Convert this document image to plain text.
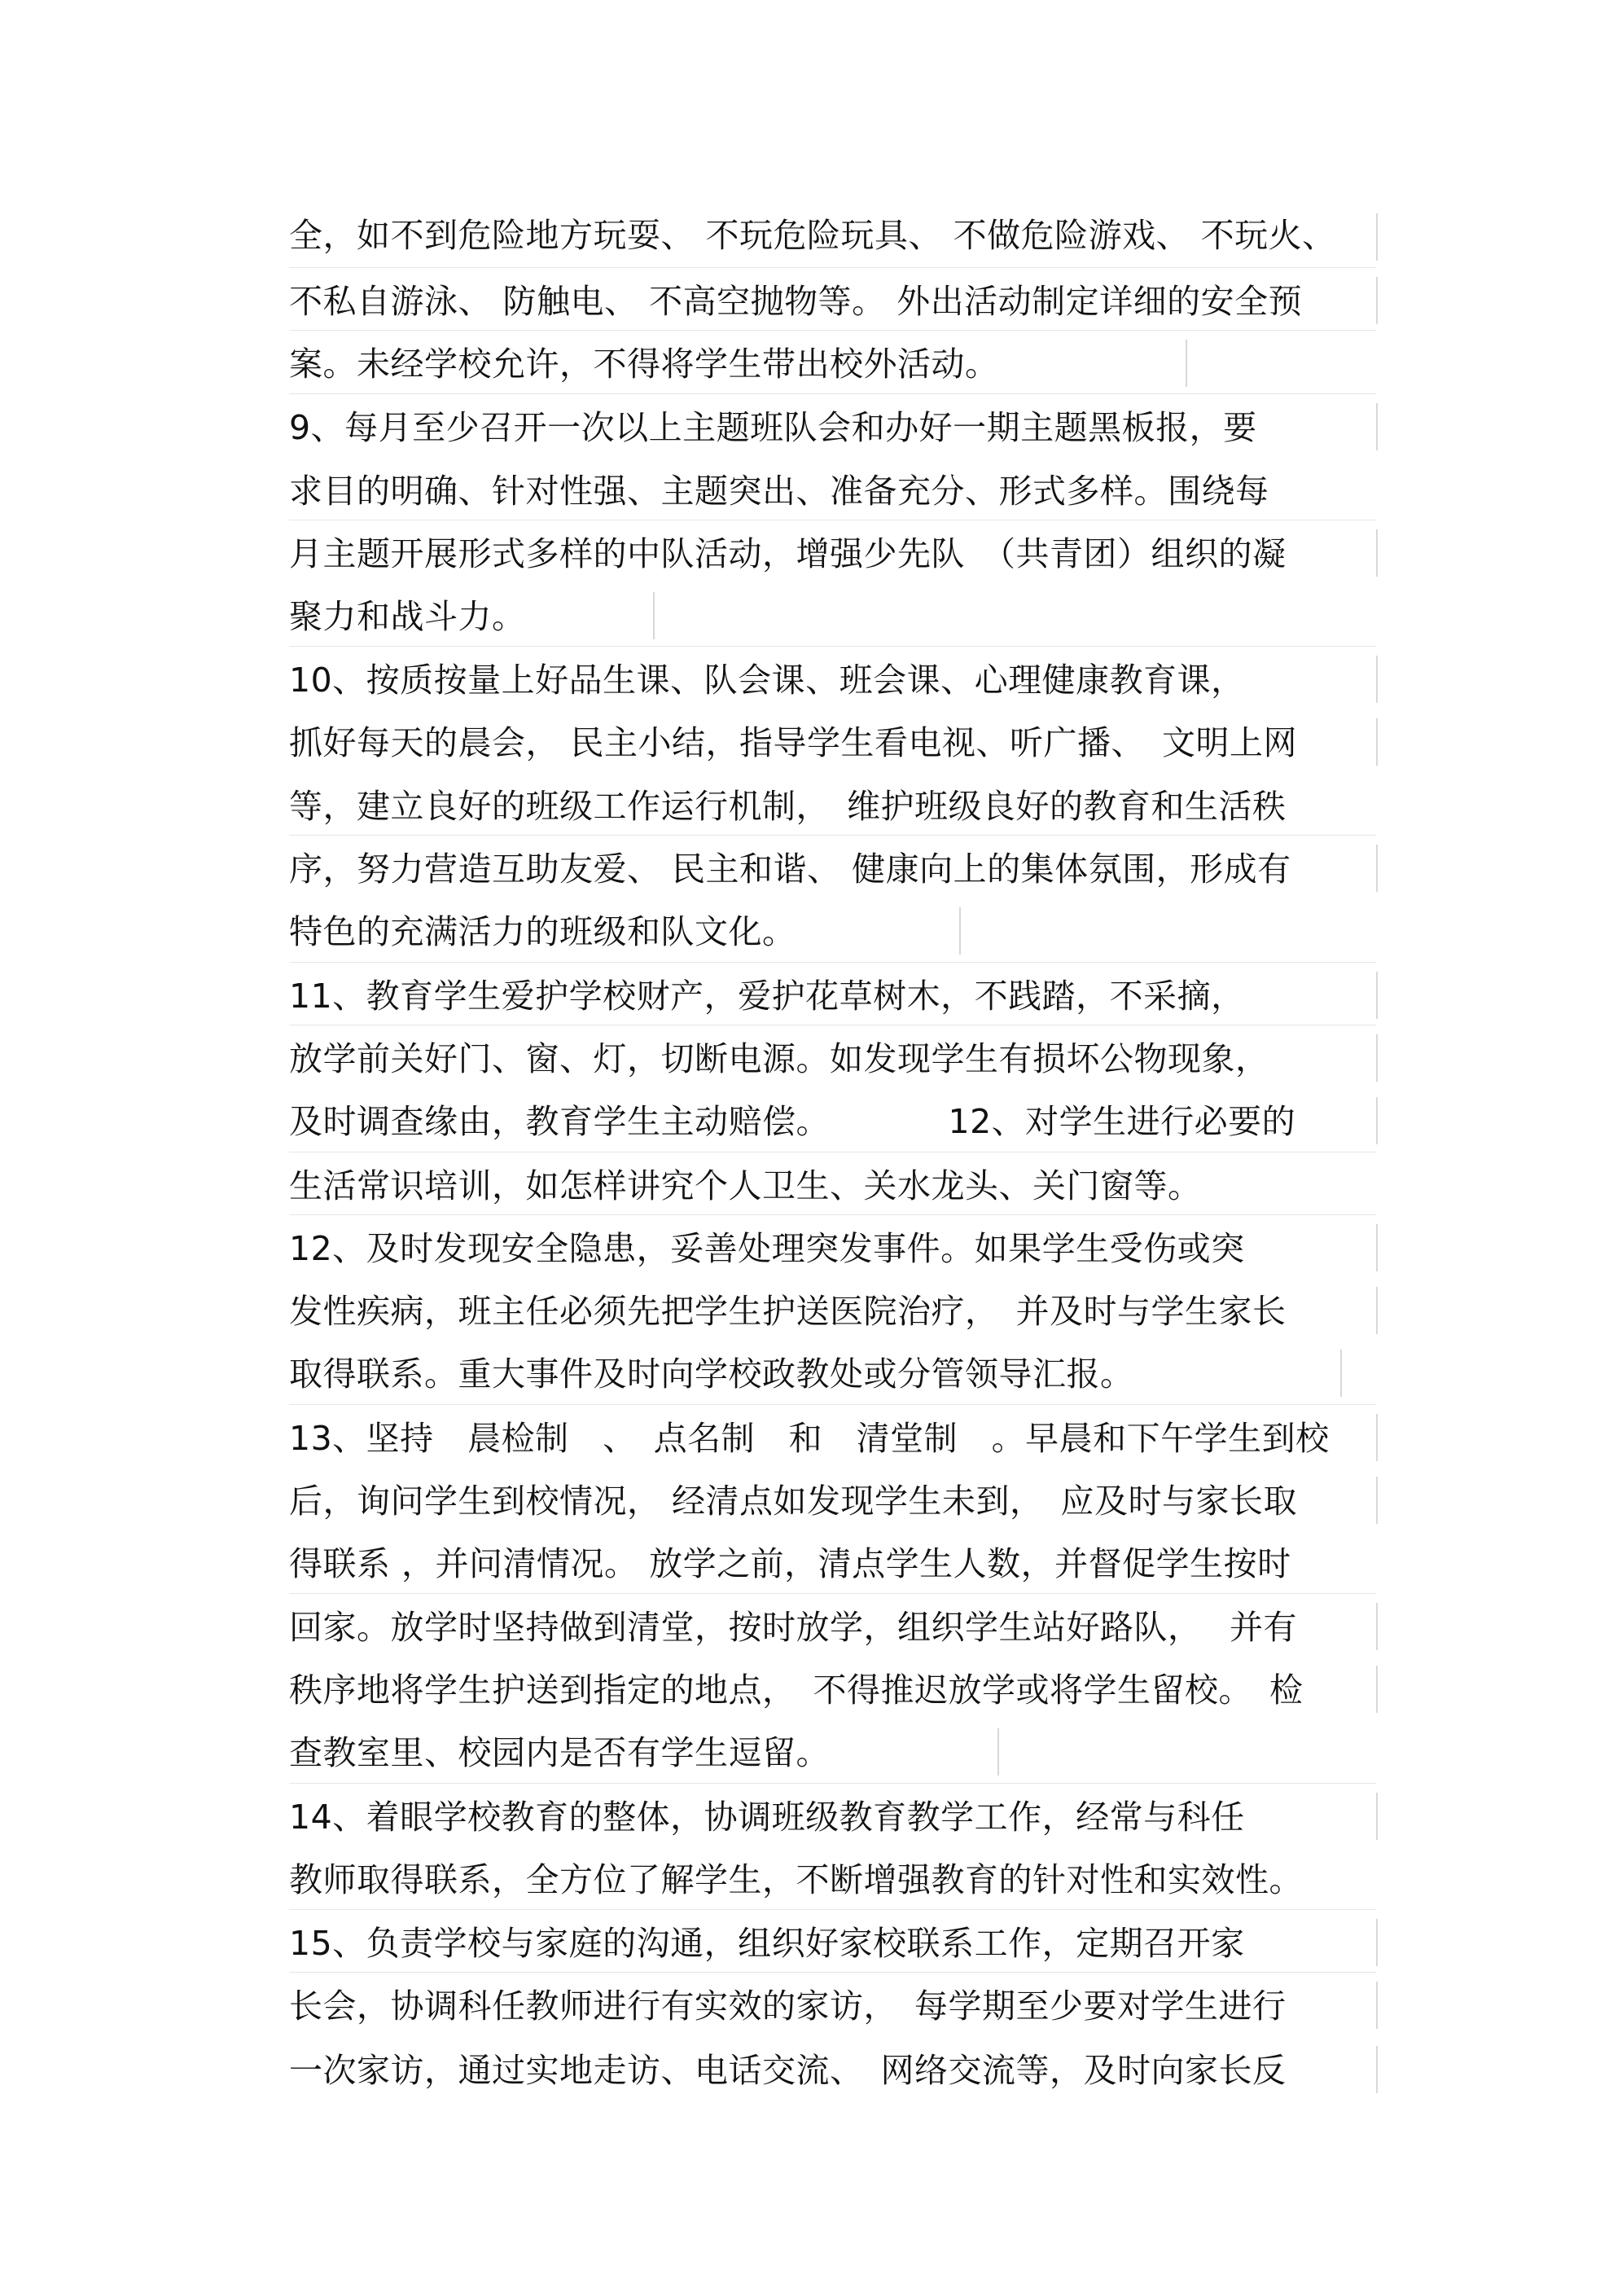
全，如不到危险地方玩耍、 不玩危险玩具、 不做危险游戏、 不玩火、
不私自游泳、 防触电、 不高空抛物等。 外出活动制定详细的安全预
案。未经学校允许，不得将学生带出校外活动。
9、每月至少召开一次以上主题班队会和办好一期主题黑板报，要
求目的明确、针对性强、主题突出、准备充分、形式多样。围绕每
月主题开展形式多样的中队活动，增强少先队　（共青团）组织的凝
聚力和战斗力。
10、按质按量上好品生课、队会课、班会课、心理健康教育课，
抓好每天的晨会， 民主小结，指导学生看电视、听广播、　文明上网
等，建立良好的班级工作运行机制，　维护班级良好的教育和生活秩
序，努力营造互助友爱、 民主和谐、 健康向上的集体氛围，形成有
特色的充满活力的班级和队文化。
11、教育学生爱护学校财产，爱护花草树木，不践踏，不采摘，
放学前关好门、窗、灯，切断电源。如发现学生有损坏公物现象，
及时调查缘由，教育学生主动赔偿。　　　　12、对学生进行必要的
生活常识培训，如怎样讲究个人卫生、关水龙头、关门窗等。
12、及时发现安全隐患，妥善处理突发事件。如果学生受伤或突
发性疾病，班主任必须先把学生护送医院治疗，　并及时与学生家长
取得联系。重大事件及时向学校政教处或分管领导汇报。
13、坚持　晨检制　、　点名制　和　清堂制　。早晨和下午学生到校
后，询问学生到校情况， 经清点如发现学生未到，　应及时与家长取
得联系 ，并问清情况。 放学之前，清点学生人数，并督促学生按时
回家。放学时坚持做到清堂，按时放学，组织学生站好路队，　 并有
秩序地将学生护送到指定的地点，　不得推迟放学或将学生留校。　检
查教室里、校园内是否有学生逗留。
14、着眼学校教育的整体，协调班级教育教学工作，经常与科任
教师取得联系，全方位了解学生，不断增强教育的针对性和实效性。
15、负责学校与家庭的沟通，组织好家校联系工作，定期召开家
长会，协调科任教师进行有实效的家访，　每学期至少要对学生进行
一次家访，通过实地走访、电话交流、　网络交流等，及时向家长反
